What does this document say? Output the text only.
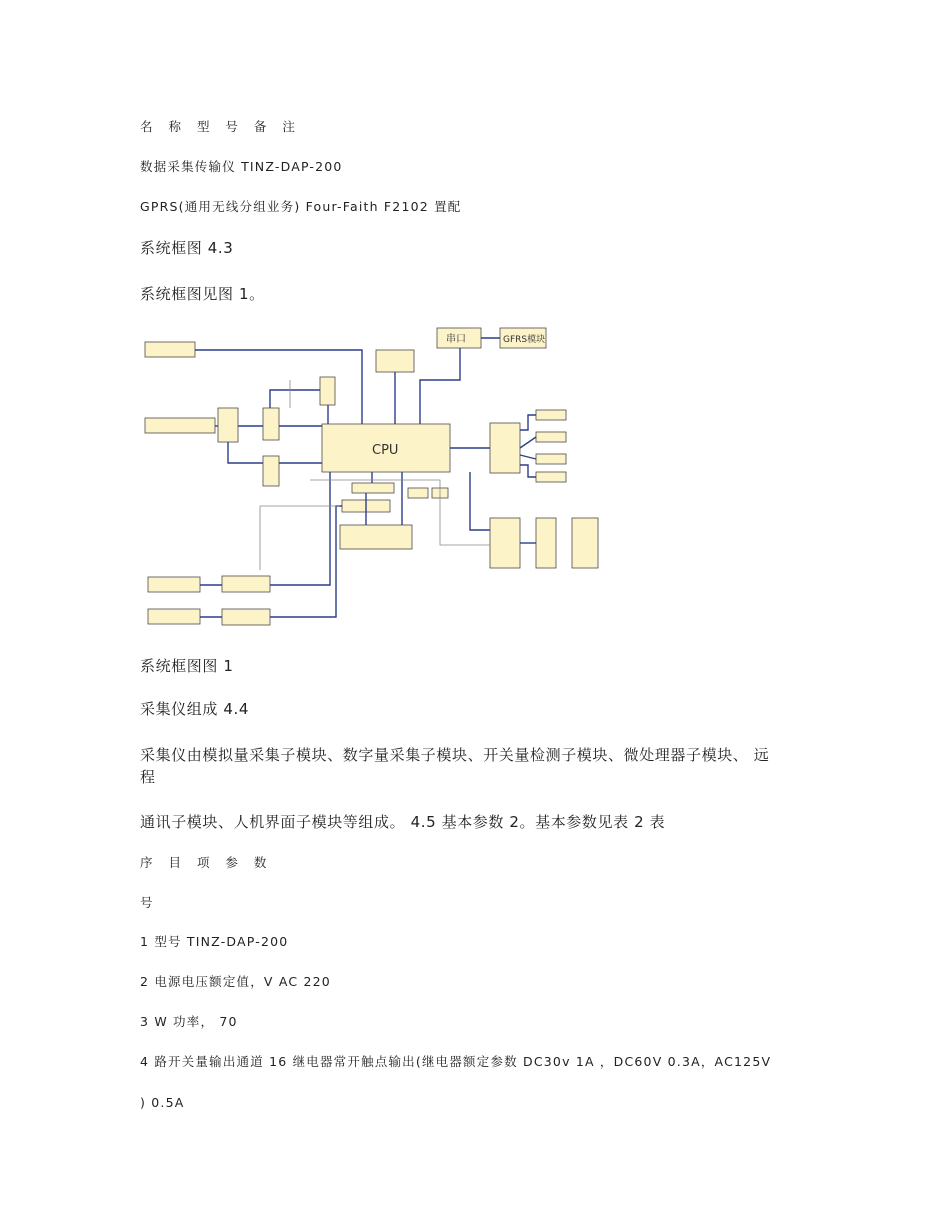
名 称 型 号 备 注
数据采集传输仪 TINZ-DAP-200
GPRS(通用无线分组业务) Four-Faith F2102 置配
系统框图 4.3
系统框图见图 1。
CPU
串口	GFRS模块
系统框图图 1
采集仪组成 4.4
采集仪由模拟量采集子模块、数字量采集子模块、开关量检测子模块、微处理器子模块、 远
程
通讯子模块、人机界面子模块等组成。 4.5 基本参数 2。基本参数见表 2 表
序 目 项 参 数
号
1 型号 TINZ-DAP-200
2 电源电压额定值，V AC 220
3 W 功率， 70
4 路开关量输出通道 16 继电器常开触点输出(继电器额定参数 DC30v 1A ，DC60V 0.3A，AC125V
) 0.5A
